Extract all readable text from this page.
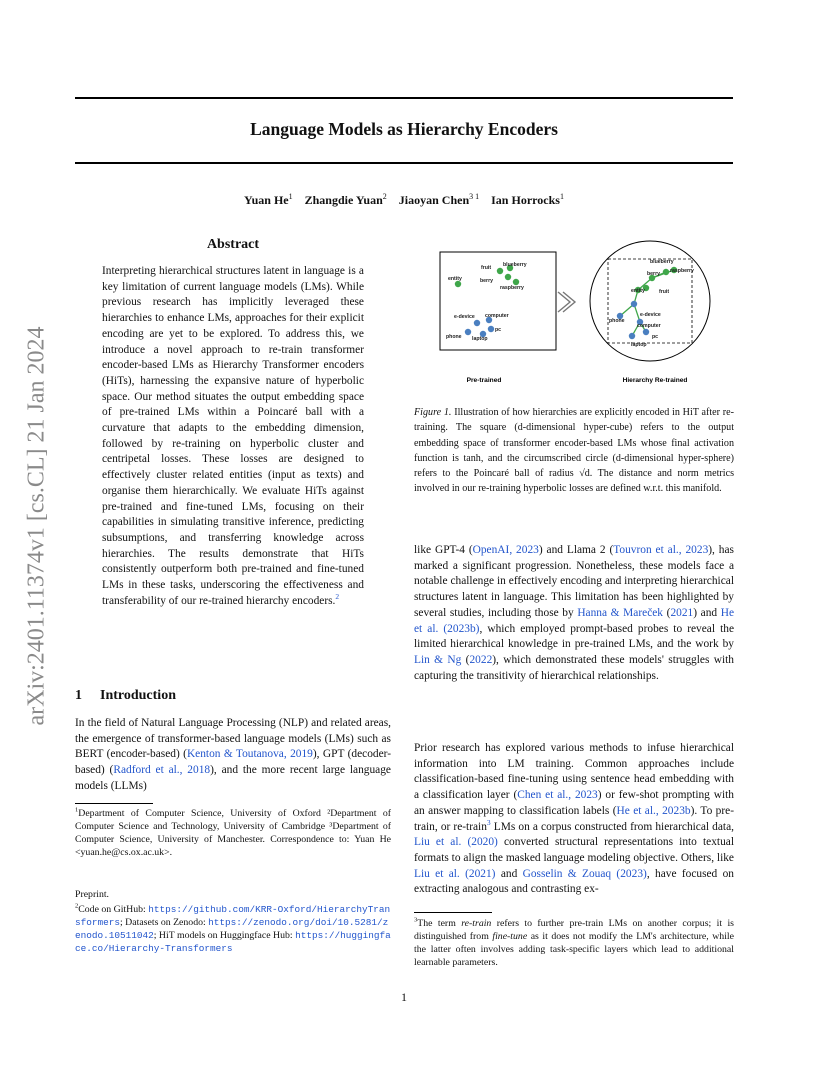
arXiv:2401.11374v1 [cs.CL] 21 Jan 2024
Language Models as Hierarchy Encoders
Yuan He$^1$ Zhangdie Yuan$^2$ Jiaoyan Chen$^{3 1}$ Ian Horrocks$^1$
Abstract

Interpreting hierarchical structures latent in language is a key limitation of current language models (LMs). While previous research has implicitly leveraged these hierarchies to enhance LMs, approaches for their explicit encoding are yet to be explored. To address this, we introduce a novel approach to re-train transformer encoder-based LMs as Hierarchy Transformer encoders (HiTs), harnessing the expansive nature of hyperbolic space. Our method situates the output embedding space of pre-trained LMs within a Poincaré ball with a curvature that adapts to the embedding dimension, followed by re-training on hyperbolic cluster and centripetal losses. These losses are designed to effectively cluster related entities (input as texts) and organise them hierarchically. We evaluate HiTs against pre-trained and fine-tuned LMs, focusing on their capabilities in simulating transitive inference, predicting subsumptions, and transferring knowledge across hierarchies. The results demonstrate that HiTs consistently outperform both pre-trained and fine-tuned LMs in these tasks, underscoring the effectiveness and transferability of our re-trained hierarchy encoders.$^2$

1 Introduction

In the field of Natural Language Processing (NLP) and related areas, the emergence of transformer-based language models (LMs) such as BERT (encoder-based) (Kenton & Toutanova, 2019), GPT (decoder-based) (Radford et al., 2018), and the more recent large language models (LLMs)

$^1$Department of Computer Science, University of Oxford ²Department of Computer Science and Technology, University of Cambridge ³Department of Computer Science, University of Manchester. Correspondence to: Yuan He <yuan.he@cs.ox.ac.uk>.

Preprint.

$^2$Code on GitHub: https://github.com/KRR-Oxford/HierarchyTransformers; Datasets on Zenodo: https://zenodo.org/doi/10.5281/zenodo.10511042; HiT models on Huggingface Hub: https://huggingface.co/Hierarchy-Transformers

fruit blueberry
entity	berry
raspberry
e-device computer
pc
phone laptop
blueberry
berry raspberry
entity	fruit
phone
e-device
computer
pc
laptop
Pre-trained	Hierarchy Re-trained
Figure 1. Illustration of how hierarchies are explicitly encoded in HiT after re-training. The square (d-dimensional hyper-cube) refers to the output embedding space of transformer encoder-based LMs whose final activation function is tanh, and the circumscribed circle (d-dimensional hyper-sphere) refers to the Poincaré ball of radius √d. The distance and norm metrics involved in our re-training hyperbolic losses are defined w.r.t. this manifold.

like GPT-4 (OpenAI, 2023) and Llama 2 (Touvron et al., 2023), has marked a significant progression. Nonetheless, these models face a notable challenge in effectively encoding and interpreting hierarchical structures latent in language. This limitation has been highlighted by several studies, including those by Hanna & Mareček (2021) and He et al. (2023b), which employed prompt-based probes to reveal the limited hierarchical knowledge in pre-trained LMs, and the work by Lin & Ng (2022), which demonstrated these models' struggles with capturing the transitivity of hierarchical relationships.

Prior research has explored various methods to infuse hierarchical information into LM training. Common approaches include classification-based fine-tuning using sentence head embedding with a classification layer (Chen et al., 2023) or few-shot prompting with an answer mapping to classification labels (He et al., 2023b). To pre-train, or re-train$^3$ LMs on a corpus constructed from hierarchical data, Liu et al. (2020) converted structural representations into textual formats to align the masked language modeling objective. Others, like Liu et al. (2021) and Gosselin & Zouaq (2023), have focused on extracting analogous and contrasting ex-

$^3$The term re-train refers to further pre-train LMs on another corpus; it is distinguished from fine-tune as it does not modify the LM's architecture, while the latter often involves adding task-specific layers which lead to additional learnable parameters.

1
